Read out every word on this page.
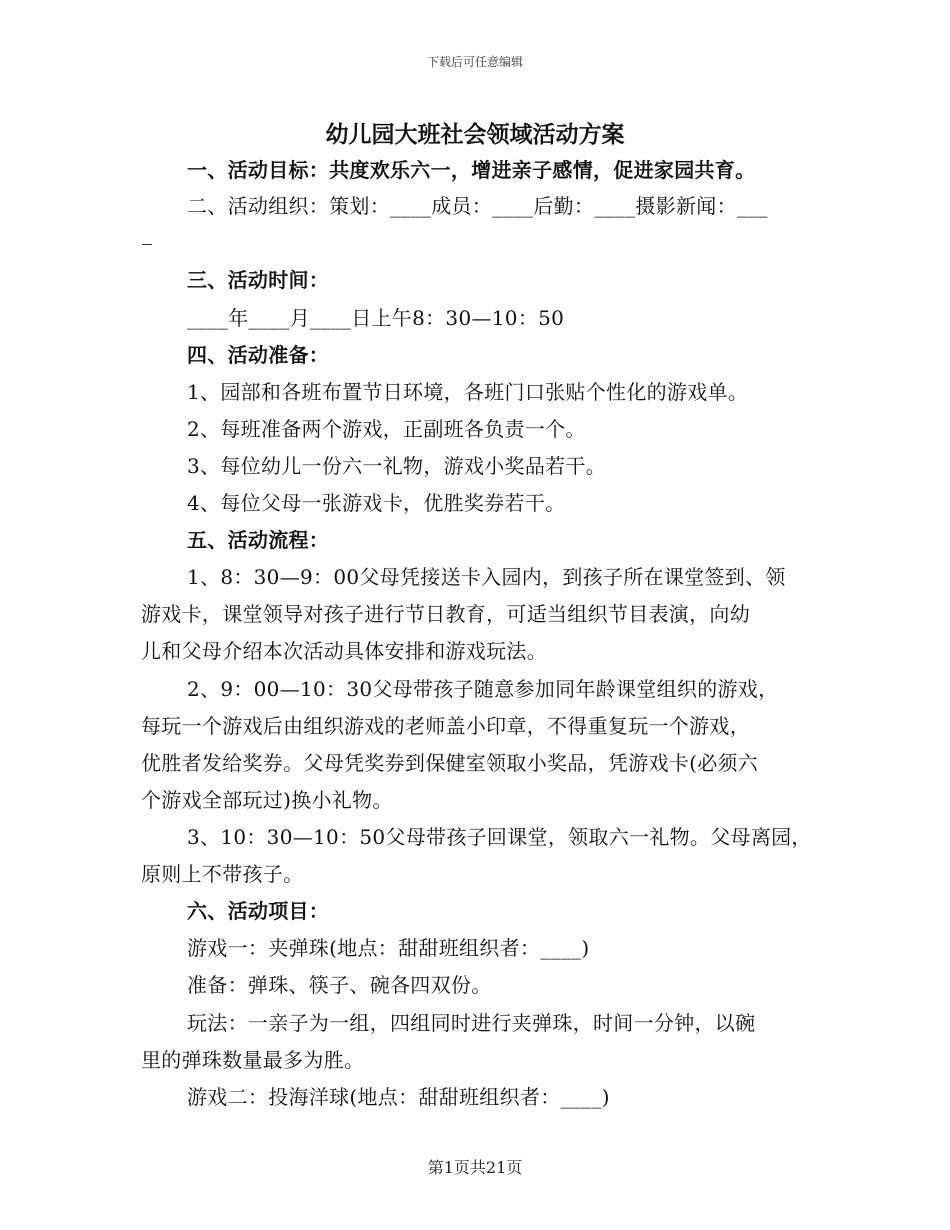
下载后可任意编辑
幼儿园大班社会领域活动方案
一、活动目标：共度欢乐六一，增进亲子感情，促进家园共育。
二、活动组织：策划：____成员：____后勤：____摄影新闻：___
三、活动时间：
____年____月____日上午8：30—10：50
四、活动准备：
1、园部和各班布置节日环境，各班门口张贴个性化的游戏单。
2、每班准备两个游戏，正副班各负责一个。
3、每位幼儿一份六一礼物，游戏小奖品若干。
4、每位父母一张游戏卡，优胜奖券若干。
五、活动流程：
1、8：30—9：00父母凭接送卡入园内，到孩子所在课堂签到、领
游戏卡，课堂领导对孩子进行节日教育，可适当组织节目表演，向幼
儿和父母介绍本次活动具体安排和游戏玩法。
2、9：00—10：30父母带孩子随意参加同年龄课堂组织的游戏，
每玩一个游戏后由组织游戏的老师盖小印章，不得重复玩一个游戏，
优胜者发给奖券。父母凭奖券到保健室领取小奖品，凭游戏卡(必须六
个游戏全部玩过)换小礼物。
3、10：30—10：50父母带孩子回课堂，领取六一礼物。父母离园，
原则上不带孩子。
六、活动项目：
游戏一：夹弹珠(地点：甜甜班组织者：____)
准备：弹珠、筷子、碗各四双份。
玩法：一亲子为一组，四组同时进行夹弹珠，时间一分钟，以碗
里的弹珠数量最多为胜。
游戏二：投海洋球(地点：甜甜班组织者：____)
第1页共21页
